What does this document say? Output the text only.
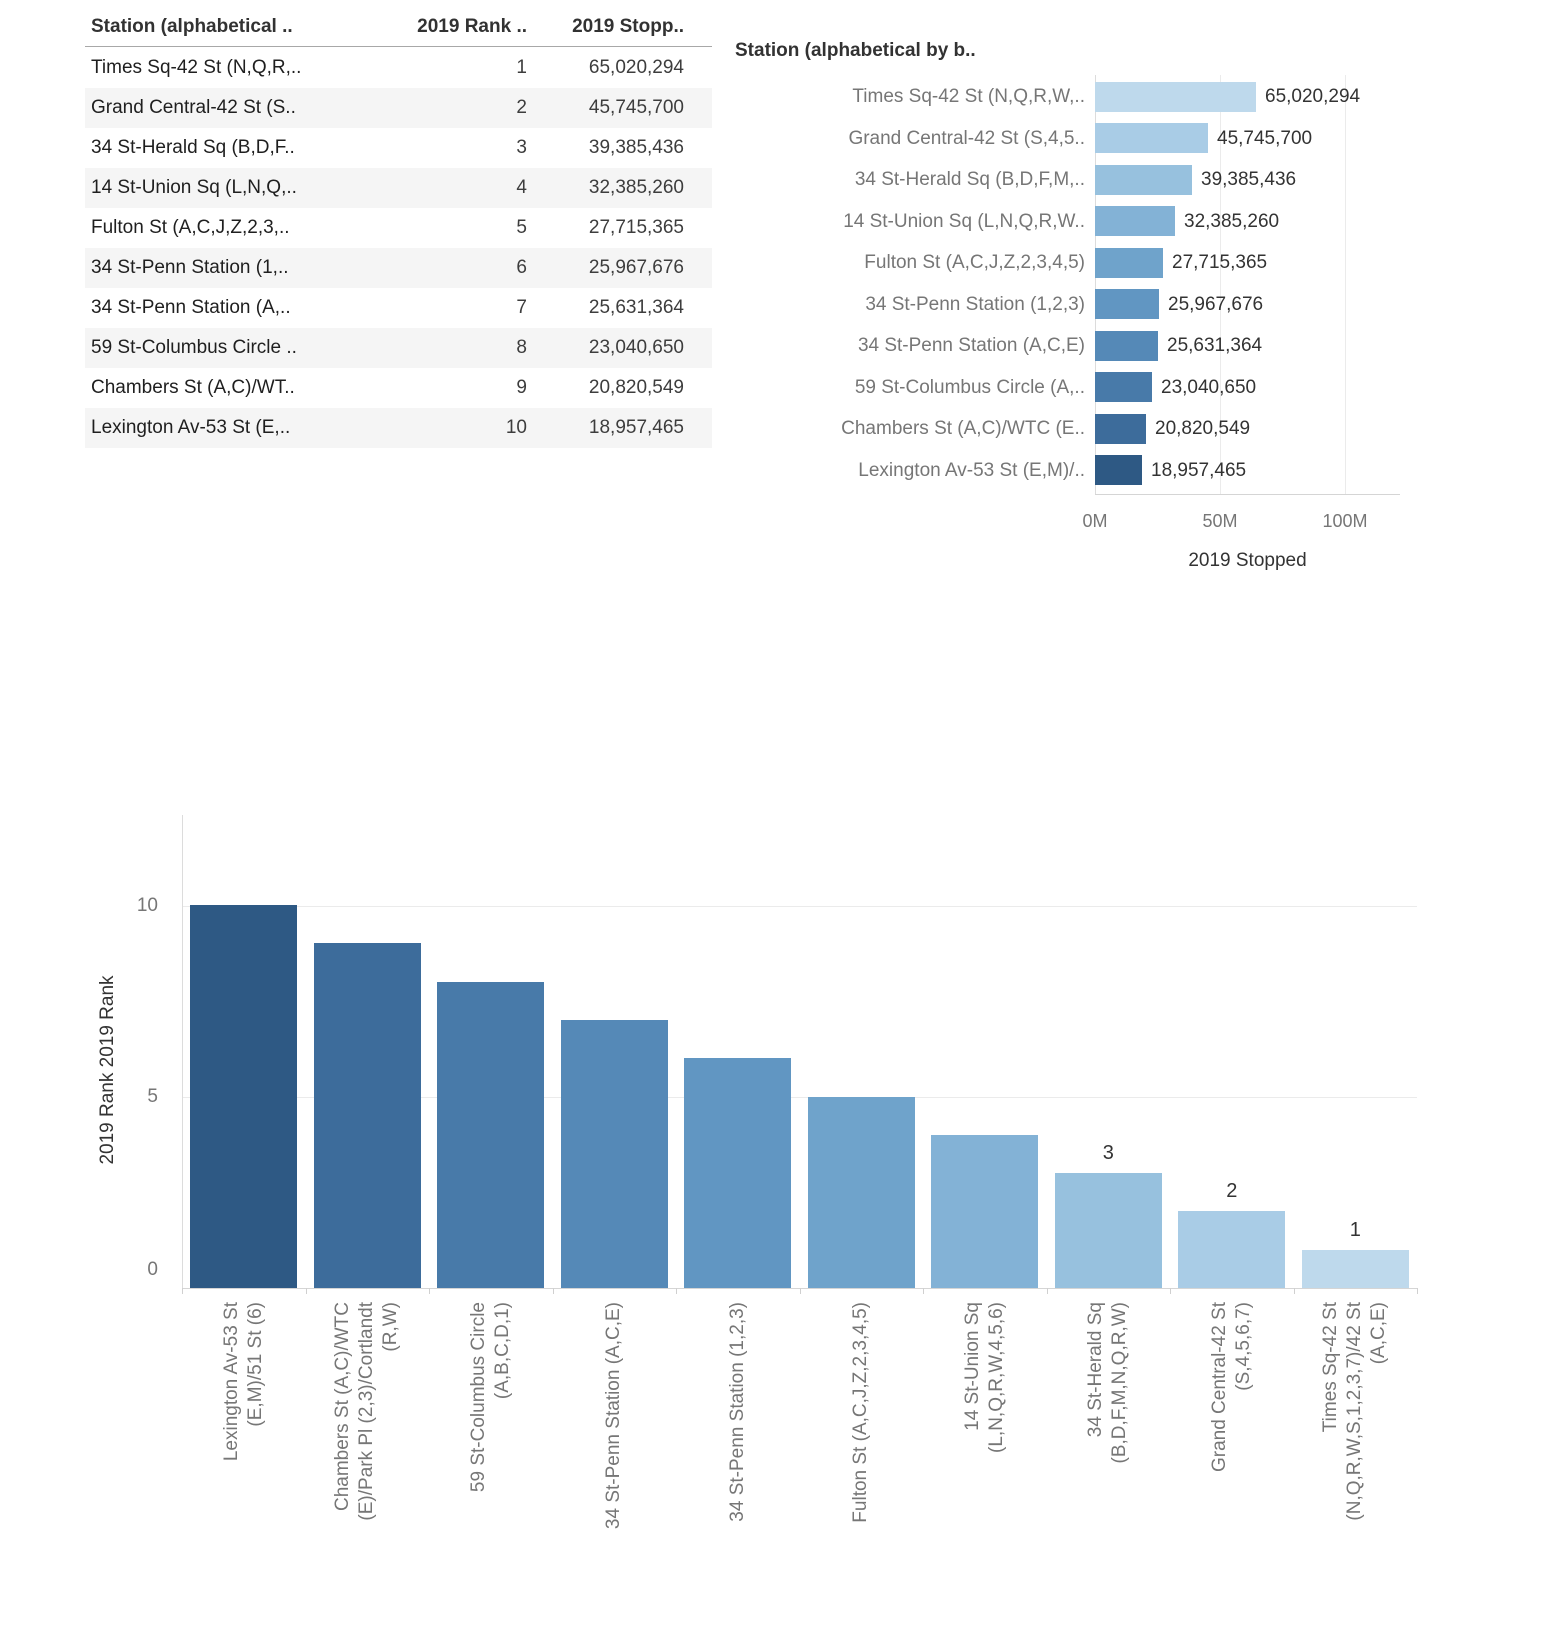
Station (alphabetical ..	2019 Rank ..	2019 Stopp..
Times Sq-42 St (N,Q,R,..	1	65,020,294
Grand Central-42 St (S..	2	45,745,700
34 St-Herald Sq (B,D,F..	3	39,385,436
14 St-Union Sq (L,N,Q,..	4	32,385,260
Fulton St (A,C,J,Z,2,3,..	5	27,715,365
34 St-Penn Station (1,..	6	25,967,676
34 St-Penn Station (A,..	7	25,631,364
59 St-Columbus Circle ..	8	23,040,650
Chambers St (A,C)/WT..	9	20,820,549
Lexington Av-53 St (E,..	10	18,957,465
Station (alphabetical by b..
Times Sq-42 St (N,Q,R,W,..	65,020,294
Grand Central-42 St (S,4,5..	45,745,700
34 St-Herald Sq (B,D,F,M,..	39,385,436
14 St-Union Sq (L,N,Q,R,W..	32,385,260
Fulton St (A,C,J,Z,2,3,4,5)	27,715,365
34 St-Penn Station (1,2,3)	25,967,676
34 St-Penn Station (A,C,E)	25,631,364
59 St-Columbus Circle (A,..	23,040,650
Chambers St (A,C)/WTC (E..	20,820,549
Lexington Av-53 St (E,M)/..	18,957,465
0M	50M	100M
2019 Stopped
2019 Rank 2019 Rank
10
5
0
Lexington Av-53 St (E,M)/51 St (6)	Chambers St (A,C)/WTC (E)/Park Pl (2,3)/Cortlandt (R,W)	59 St-Columbus Circle (A,B,C,D,1)	34 St-Penn Station (A,C,E)	34 St-Penn Station (1,2,3)	Fulton St (A,C,J,Z,2,3,4,5)	14 St-Union Sq (L,N,Q,R,W,4,5,6)
3
34 St-Herald Sq (B,D,F,M,N,Q,R,W)
2
Grand Central-42 St (S,4,5,6,7)
1
Times Sq-42 St (N,Q,R,W,S,1,2,3,7)/42 St (A,C,E)
